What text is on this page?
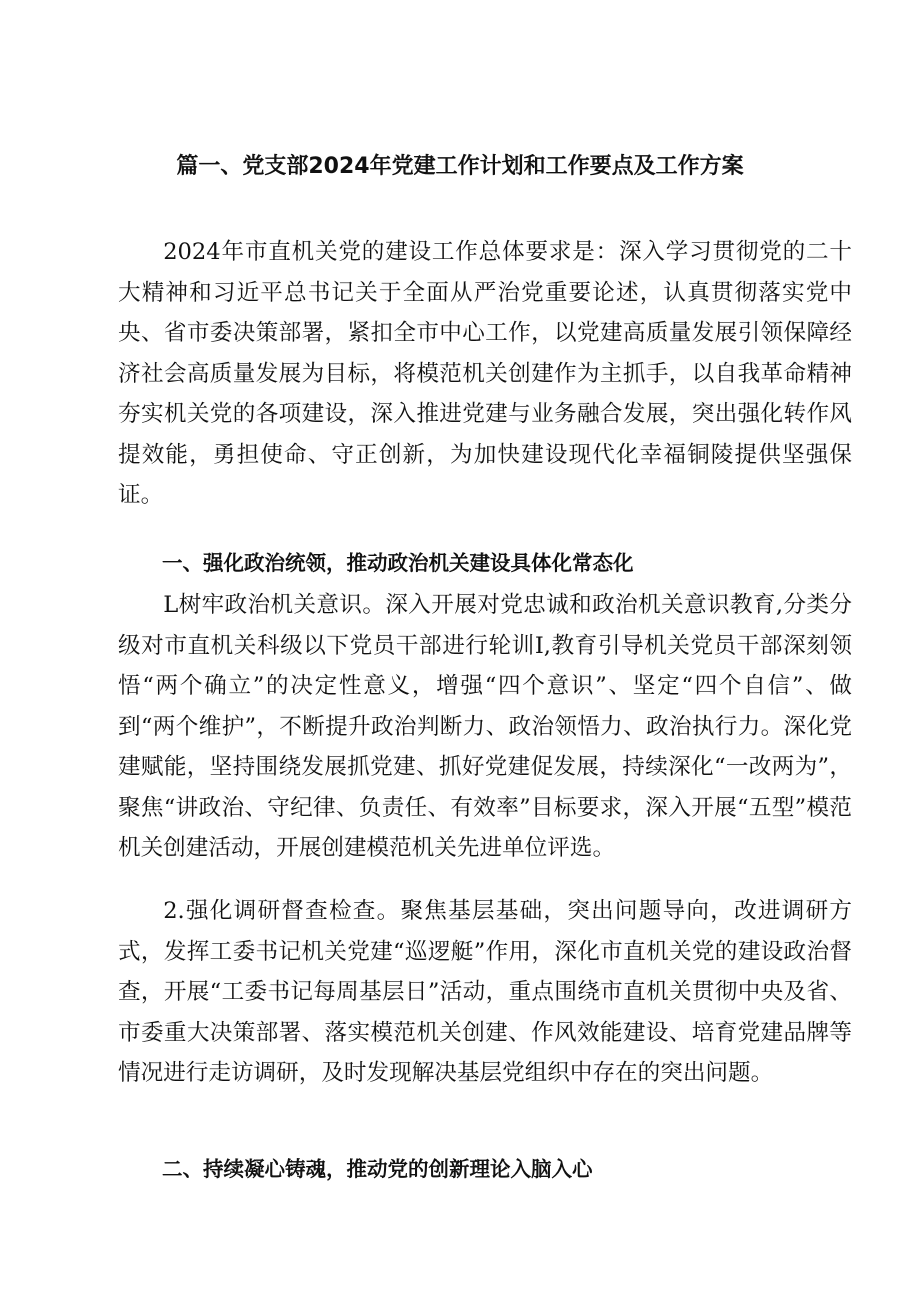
篇一、党支部2024年党建工作计划和工作要点及工作方案

2024年市直机关党的建设工作总体要求是：深入学习贯彻党的二十大精神和习近平总书记关于全面从严治党重要论述，认真贯彻落实党中央、省市委决策部署，紧扣全市中心工作，以党建高质量发展引领保障经济社会高质量发展为目标，将模范机关创建作为主抓手，以自我革命精神夯实机关党的各项建设，深入推进党建与业务融合发展，突出强化转作风提效能，勇担使命、守正创新，为加快建设现代化幸福铜陵提供坚强保证。

一、强化政治统领，推动政治机关建设具体化常态化

L树牢政治机关意识。深入开展对党忠诚和政治机关意识教育,分类分级对市直机关科级以下党员干部进行轮训I,教育引导机关党员干部深刻领悟“两个确立”的决定性意义，增强“四个意识”、坚定“四个自信”、做到“两个维护”，不断提升政治判断力、政治领悟力、政治执行力。深化党建赋能，坚持围绕发展抓党建、抓好党建促发展，持续深化“一改两为”，聚焦“讲政治、守纪律、负责任、有效率”目标要求，深入开展“五型”模范机关创建活动，开展创建模范机关先进单位评选。

2.强化调研督查检查。聚焦基层基础，突出问题导向，改进调研方式，发挥工委书记机关党建“巡逻艇”作用，深化市直机关党的建设政治督查，开展“工委书记每周基层日”活动，重点围绕市直机关贯彻中央及省、市委重大决策部署、落实模范机关创建、作风效能建设、培育党建品牌等情况进行走访调研，及时发现解决基层党组织中存在的突出问题。

二、持续凝心铸魂，推动党的创新理论入脑入心
